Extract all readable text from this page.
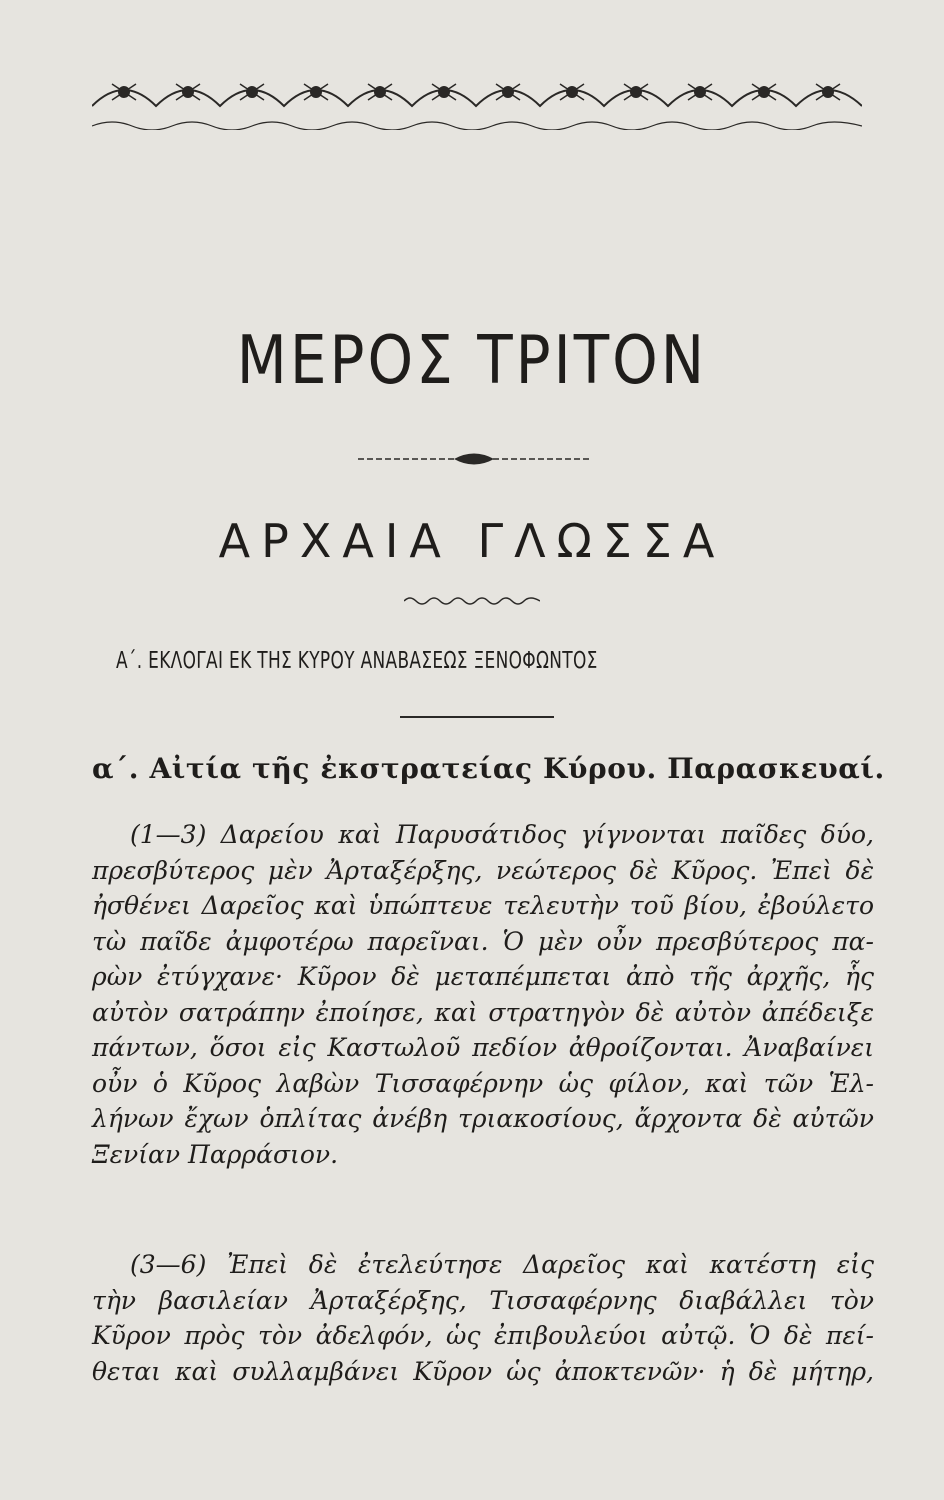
ΜΕΡΟΣ ΤΡΙΤΟΝ
ΑΡΧΑΙΑ ΓΛΩΣΣΑ
Α΄. ΕΚΛΟΓΑΙ ΕΚ ΤΗΣ ΚΥΡΟΥ ΑΝΑΒΑΣΕΩΣ ΞΕΝΟΦΩΝΤΟΣ
α΄. Αἰτία τῆς ἐκστρατείας Κύρου. Παρασκευαί.
(1—3) Δαρείου καὶ Παρυσάτιδος γίγνονται παῖδες δύο,
πρεσβύτερος μὲν Ἀρταξέρξης, νεώτερος δὲ Κῦρος. Ἐπεὶ δὲ
ἠσθένει Δαρεῖος καὶ ὑπώπτευε τελευτὴν τοῦ βίου, ἐβούλετο
τὼ παῖδε ἀμφοτέρω παρεῖναι. Ὁ μὲν οὖν πρεσβύτερος πα-
ρὼν ἐτύγχανε· Κῦρον δὲ μεταπέμπεται ἀπὸ τῆς ἀρχῆς, ἧς
αὐτὸν σατράπην ἐποίησε, καὶ στρατηγὸν δὲ αὐτὸν ἀπέδειξε
πάντων, ὅσοι εἰς Καστωλοῦ πεδίον ἀθροίζονται. Ἀναβαίνει
οὖν ὁ Κῦρος λαβὼν Τισσαφέρνην ὡς φίλον, καὶ τῶν Ἑλ-
λήνων ἔχων ὁπλίτας ἀνέβη τριακοσίους, ἄρχοντα δὲ αὐτῶν
Ξενίαν Παρράσιον.
(3—6) Ἐπεὶ δὲ ἐτελεύτησε Δαρεῖος καὶ κατέστη εἰς
τὴν βασιλείαν Ἀρταξέρξης, Τισσαφέρνης διαβάλλει τὸν
Κῦρον πρὸς τὸν ἀδελφόν, ὡς ἐπιβουλεύοι αὐτῷ. Ὁ δὲ πεί-
θεται καὶ συλλαμβάνει Κῦρον ὡς ἀποκτενῶν· ἡ δὲ μήτηρ,
